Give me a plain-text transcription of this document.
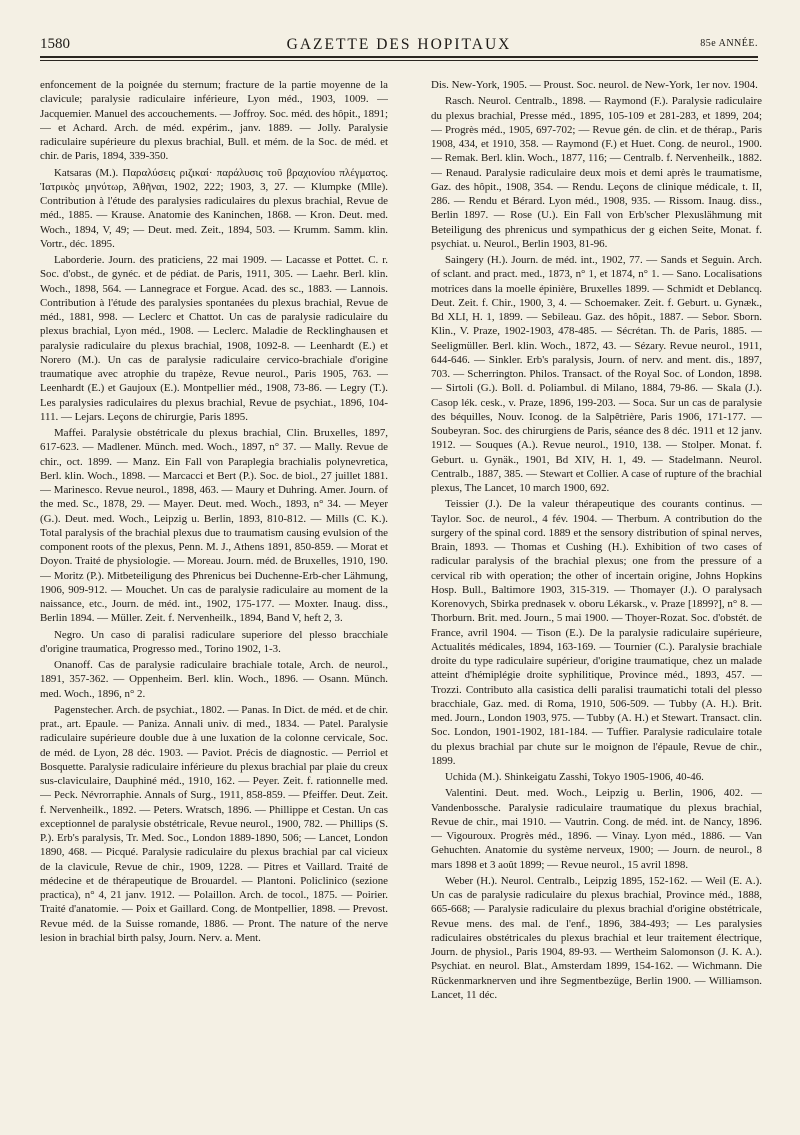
1580	GAZETTE DES HOPITAUX	85e ANNÉE.

enfoncement de la poignée du sternum; fracture de la partie moyenne de la clavicule; paralysie radiculaire inférieure, Lyon méd., 1903, 1009. — Jacquemier. Manuel des accouchements. — Joffroy. Soc. méd. des hôpit., 1891; — et Achard. Arch. de méd. expérim., janv. 1889. — Jolly. Paralysie radiculaire supérieure du plexus brachial, Bull. et mém. de la Soc. de méd. et chir. de Paris, 1894, 339-350.

Katsaras (M.). Παραλύσεις ριζικαί· παράλυσις τοῦ βραχιονίου πλέγματος. Ἰατρικὸς μηνύτωρ, Ἀθῆναι, 1902, 222; 1903, 3, 27. — Klumpke (Mlle). Contribution à l'étude des paralysies radiculaires du plexus brachial, Revue de méd., 1885. — Krause. Anatomie des Kaninchen, 1868. — Kron. Deut. med. Woch., 1894, V, 49; — Deut. med. Zeit., 1894, 503. — Krumm. Samm. klin. Vortr., déc. 1895.

Laborderie. Journ. des praticiens, 22 mai 1909. — Lacasse et Pottet. C. r. Soc. d'obst., de gynéc. et de pédiat. de Paris, 1911, 305. — Laehr. Berl. klin. Woch., 1898, 564. — Lannegrace et Forgue. Acad. des sc., 1883. — Lannois. Contribution à l'étude des paralysies spontanées du plexus brachial, Revue de méd., 1881, 998. — Leclerc et Chattot. Un cas de paralysie radiculaire du plexus brachial, Lyon méd., 1908. — Leclerc. Maladie de Recklinghausen et paralysie radiculaire du plexus brachial, 1908, 1092-8. — Leenhardt (E.) et Norero (M.). Un cas de paralysie radiculaire cervico-brachiale d'origine traumatique avec atrophie du trapèze, Revue neurol., Paris 1905, 763. — Leenhardt (E.) et Gaujoux (E.). Montpellier méd., 1908, 73-86. — Legry (T.). Les paralysies radiculaires du plexus brachial, Revue de psychiat., 1896, 104-111. — Lejars. Leçons de chirurgie, Paris 1895.

Maffei. Paralysie obstétricale du plexus brachial, Clin. Bruxelles, 1897, 617-623. — Madlener. Münch. med. Woch., 1897, n° 37. — Mally. Revue de chir., oct. 1899. — Manz. Ein Fall von Paraplegia brachialis polynevretica, Berl. klin. Woch., 1898. — Marcacci et Bert (P.). Soc. de biol., 27 juillet 1881. — Marinesco. Revue neurol., 1898, 463. — Maury et Duhring. Amer. Journ. of the med. Sc., 1878, 29. — Mayer. Deut. med. Woch., 1893, n° 34. — Meyer (G.). Deut. med. Woch., Leipzig u. Berlin, 1893, 810-812. — Mills (C. K.). Total paralysis of the brachial plexus due to traumatism causing evulsion of the component roots of the plexus, Penn. M. J., Athens 1891, 850-859. — Morat et Doyon. Traité de physiologie. — Moreau. Journ. méd. de Bruxelles, 1910, 190. — Moritz (P.). Mitbeteiligung des Phrenicus bei Duchenne-Erb-cher Lähmung, 1906, 909-912. — Mouchet. Un cas de paralysie radiculaire au moment de la naissance, etc., Journ. de méd. int., 1902, 175-177. — Moxter. Inaug. diss., Berlin 1894. — Müller. Zeit. f. Nervenheilk., 1894, Band V, heft 2, 3.

Negro. Un caso di paralisi radiculare superiore del plesso bracchiale d'origine traumatica, Progresso med., Torino 1902, 1-3.

Onanoff. Cas de paralysie radiculaire brachiale totale, Arch. de neurol., 1891, 357-362. — Oppenheim. Berl. klin. Woch., 1896. — Osann. Münch. med. Woch., 1896, n° 2.

Pagenstecher. Arch. de psychiat., 1802. — Panas. In Dict. de méd. et de chir. prat., art. Epaule. — Paniza. Annali univ. di med., 1834. — Patel. Paralysie radiculaire supérieure double due à une luxation de la colonne cervicale, Soc. de méd. de Lyon, 28 déc. 1903. — Paviot. Précis de diagnostic. — Perriol et Bosquette. Paralysie radiculaire inférieure du plexus brachial par plaie du creux sus-claviculaire, Dauphiné méd., 1910, 162. — Peyer. Zeit. f. rationnelle med. — Peck. Névrorraphie. Annals of Surg., 1911, 858-859. — Pfeiffer. Deut. Zeit. f. Nervenheilk., 1892. — Peters. Wratsch, 1896. — Phillippe et Cestan. Un cas exceptionnel de paralysie obstétricale, Revue neurol., 1900, 782. — Phillips (S. P.). Erb's paralysis, Tr. Med. Soc., London 1889-1890, 506; — Lancet, London 1890, 468. — Picqué. Paralysie radiculaire du plexus brachial par cal vicieux de la clavicule, Revue de chir., 1909, 1228. — Pitres et Vaillard. Traité de médecine et de thérapeutique de Brouardel. — Plantoni. Policlinico (sezione practica), n° 4, 21 janv. 1912. — Polaillon. Arch. de tocol., 1875. — Poirier. Traité d'anatomie. — Poix et Gaillard. Cong. de Montpellier, 1898. — Prevost. Revue méd. de la Suisse romande, 1886. — Pront. The nature of the nerve lesion in brachial birth palsy, Journ. Nerv. a. Ment.

Dis. New-York, 1905. — Proust. Soc. neurol. de New-York, 1er nov. 1904.

Rasch. Neurol. Centralb., 1898. — Raymond (F.). Paralysie radiculaire du plexus brachial, Presse méd., 1895, 105-109 et 281-283, et 1899, 204; — Progrès méd., 1905, 697-702; — Revue gén. de clin. et de thérap., Paris 1908, 434, et 1910, 358. — Raymond (F.) et Huet. Cong. de neurol., 1900. — Remak. Berl. klin. Woch., 1877, 116; — Centralb. f. Nervenheilk., 1882. — Renaud. Paralysie radiculaire deux mois et demi après le traumatisme, Gaz. des hôpit., 1908, 354. — Rendu. Leçons de clinique médicale, t. II, 286. — Rendu et Bérard. Lyon méd., 1908, 935. — Rissom. Inaug. diss., Berlin 1897. — Rose (U.). Ein Fall von Erb'scher Plexuslähmung mit Beteiligung des phrenicus und sympathicus der g eichen Seite, Monat. f. psychiat. u. Neurol., Berlin 1903, 81-96.

Saingery (H.). Journ. de méd. int., 1902, 77. — Sands et Seguin. Arch. of sclant. and pract. med., 1873, n° 1, et 1874, n° 1. — Sano. Localisations motrices dans la moelle épinière, Bruxelles 1899. — Schmidt et Deblancq. Deut. Zeit. f. Chir., 1900, 3, 4. — Schoemaker. Zeit. f. Geburt. u. Gynæk., Bd XLI, H. 1, 1899. — Sebileau. Gaz. des hôpit., 1887. — Sebor. Sborn. Klin., V. Praze, 1902-1903, 478-485. — Sécrétan. Th. de Paris, 1885. — Seeligmüller. Berl. klin. Woch., 1872, 43. — Sézary. Revue neurol., 1911, 644-646. — Sinkler. Erb's paralysis, Journ. of nerv. and ment. dis., 1897, 703. — Scherrington. Philos. Transact. of the Royal Soc. of London, 1898. — Sirtoli (G.). Boll. d. Poliambul. di Milano, 1884, 79-86. — Skala (J.). Casop lék. cesk., v. Praze, 1896, 199-203. — Soca. Sur un cas de paralysie des béquilles, Nouv. Iconog. de la Salpêtrière, Paris 1906, 171-177. — Soubeyran. Soc. des chirurgiens de Paris, séance des 8 déc. 1911 et 12 janv. 1912. — Souques (A.). Revue neurol., 1910, 138. — Stolper. Monat. f. Geburt. u. Gynäk., 1901, Bd XIV, H. 1, 49. — Stadelmann. Neurol. Centralb., 1887, 385. — Stewart et Collier. A case of rupture of the brachial plexus, The Lancet, 10 march 1900, 692.

Teissier (J.). De la valeur thérapeutique des courants continus. — Taylor. Soc. de neurol., 4 fév. 1904. — Therbum. A contribution do the surgery of the spinal cord. 1889 et the sensory distribution of spinal nerves, Brain, 1893. — Thomas et Cushing (H.). Exhibition of two cases of radicular paralysis of the brachial plexus; one from the pressure of a cervical rib with operation; the other of incertain origine, Johns Hopkins Hosp. Bull., Baltimore 1903, 315-319. — Thomayer (J.). O paralysach Korenovych, Sbirka prednasek v. oboru Lékarsk., v. Praze [1899?], n° 8. — Thorburn. Brit. med. Journ., 5 mai 1900. — Thoyer-Rozat. Soc. d'obstét. de France, avril 1904. — Tison (E.). De la paralysie radiculaire supérieure, Actualités médicales, 1894, 163-169. — Tournier (C.). Paralysie brachiale droite du type radiculaire supérieur, d'origine traumatique, chez un malade atteint d'hémiplégie droite syphilitique, Province méd., 1893, 457. — Trozzi. Contributo alla casistica delli paralisi traumatichi totali del plesso bracchiale, Gaz. med. di Roma, 1910, 506-509. — Tubby (A. H.). Brit. med. Journ., London 1903, 975. — Tubby (A. H.) et Stewart. Transact. clin. Soc. London, 1901-1902, 181-184. — Tuffier. Paralysie radiculaire totale du plexus brachial par chute sur le moignon de l'épaule, Revue de chir., 1899.

Uchida (M.). Shinkeigatu Zasshi, Tokyo 1905-1906, 40-46.

Valentini. Deut. med. Woch., Leipzig u. Berlin, 1906, 402. — Vandenbossche. Paralysie radiculaire traumatique du plexus brachial, Revue de chir., mai 1910. — Vautrin. Cong. de méd. int. de Nancy, 1896. — Vigouroux. Progrès méd., 1896. — Vinay. Lyon méd., 1886. — Van Gehuchten. Anatomie du système nerveux, 1900; — Journ. de neurol., 8 mars 1898 et 3 août 1899; — Revue neurol., 15 avril 1898.

Weber (H.). Neurol. Centralb., Leipzig 1895, 152-162. — Weil (E. A.). Un cas de paralysie radiculaire du plexus brachial, Province méd., 1888, 665-668; — Paralysie radiculaire du plexus brachial d'origine obstétricale, Revue mens. des mal. de l'enf., 1896, 384-493; — Les paralysies radiculaires obstétricales du plexus brachial et leur traitement électrique, Journ. de physiol., Paris 1904, 89-93. — Wertheim Salomonson (J. K. A.). Psychiat. en neurol. Blat., Amsterdam 1899, 154-162. — Wichmann. Die Rückenmarknerven und ihre Segmentbezüge, Berlin 1900. — Williamson. Lancet, 11 déc.
